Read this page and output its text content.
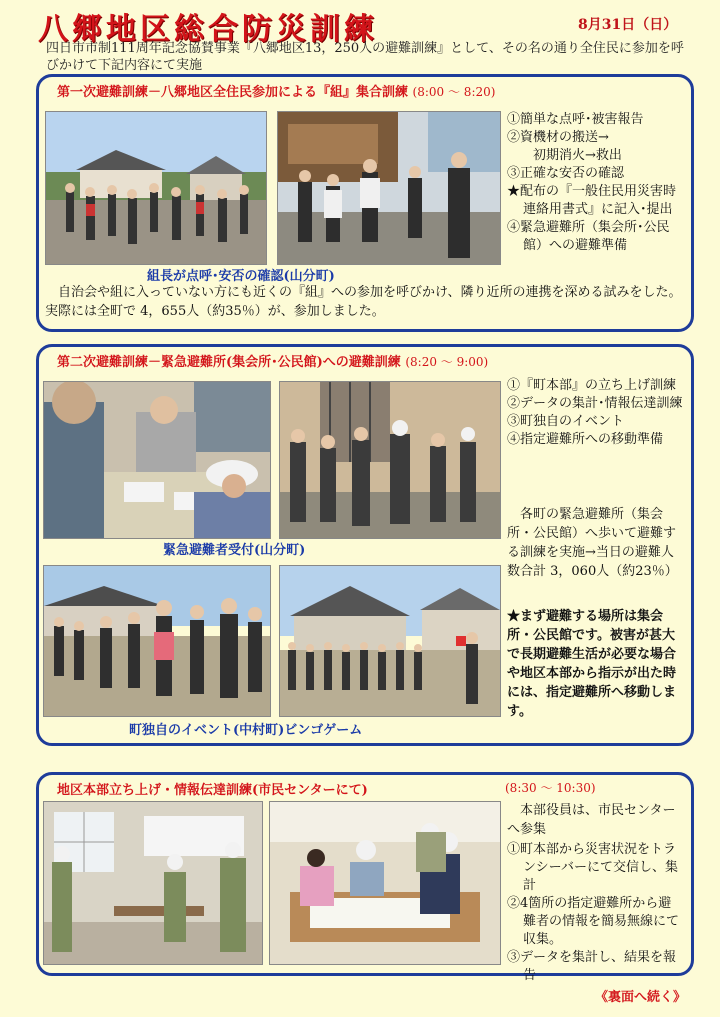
八郷地区総合防災訓練	8月31日（日）
四日市市制111周年記念協賛事業『八郷地区13，250人の避難訓練』として、その名の通り全住民に参加を呼びかけて下記内容にて実施
第一次避難訓練－八郷地区全住民参加による『組』集合訓練 (8:00 ～ 8:20)
組長が点呼･安否の確認(山分町)
①簡単な点呼･被害報告
②資機材の搬送→
　　初期消火→救出
③正確な安否の確認
★配布の『一般住民用災害時連絡用書式』に記入･提出
④緊急避難所（集会所･公民館）への避難準備
自治会や組に入っていない方にも近くの『組』への参加を呼びかけ、隣り近所の連携を深める試みをした。実際には全町で 4，655人（約35％）が、参加しました。
第二次避難訓練－緊急避難所(集会所･公民館)への避難訓練 (8:20 ～ 9:00)
緊急避難者受付(山分町)
町独自のイベント(中村町)ビンゴゲーム
①『町本部』の立ち上げ訓練
②データの集計･情報伝達訓練
③町独自のイベント
④指定避難所への移動準備
各町の緊急避難所（集会所・公民館）へ歩いて避難する訓練を実施→当日の避難人数合計 3，060人（約23％）
★まず避難する場所は集会所・公民館です。被害が甚大で長期避難生活が必要な場合や地区本部から指示が出た時には、指定避難所へ移動します。
地区本部立ち上げ・情報伝達訓練(市民センターにて)	(8:30 ～ 10:30)
本部役員は、市民センターへ参集
①町本部から災害状況をトランシーバーにて交信し、集計
②4箇所の指定避難所から避難者の情報を簡易無線にて収集。
③データを集計し、結果を報告
《裏面へ続く》
